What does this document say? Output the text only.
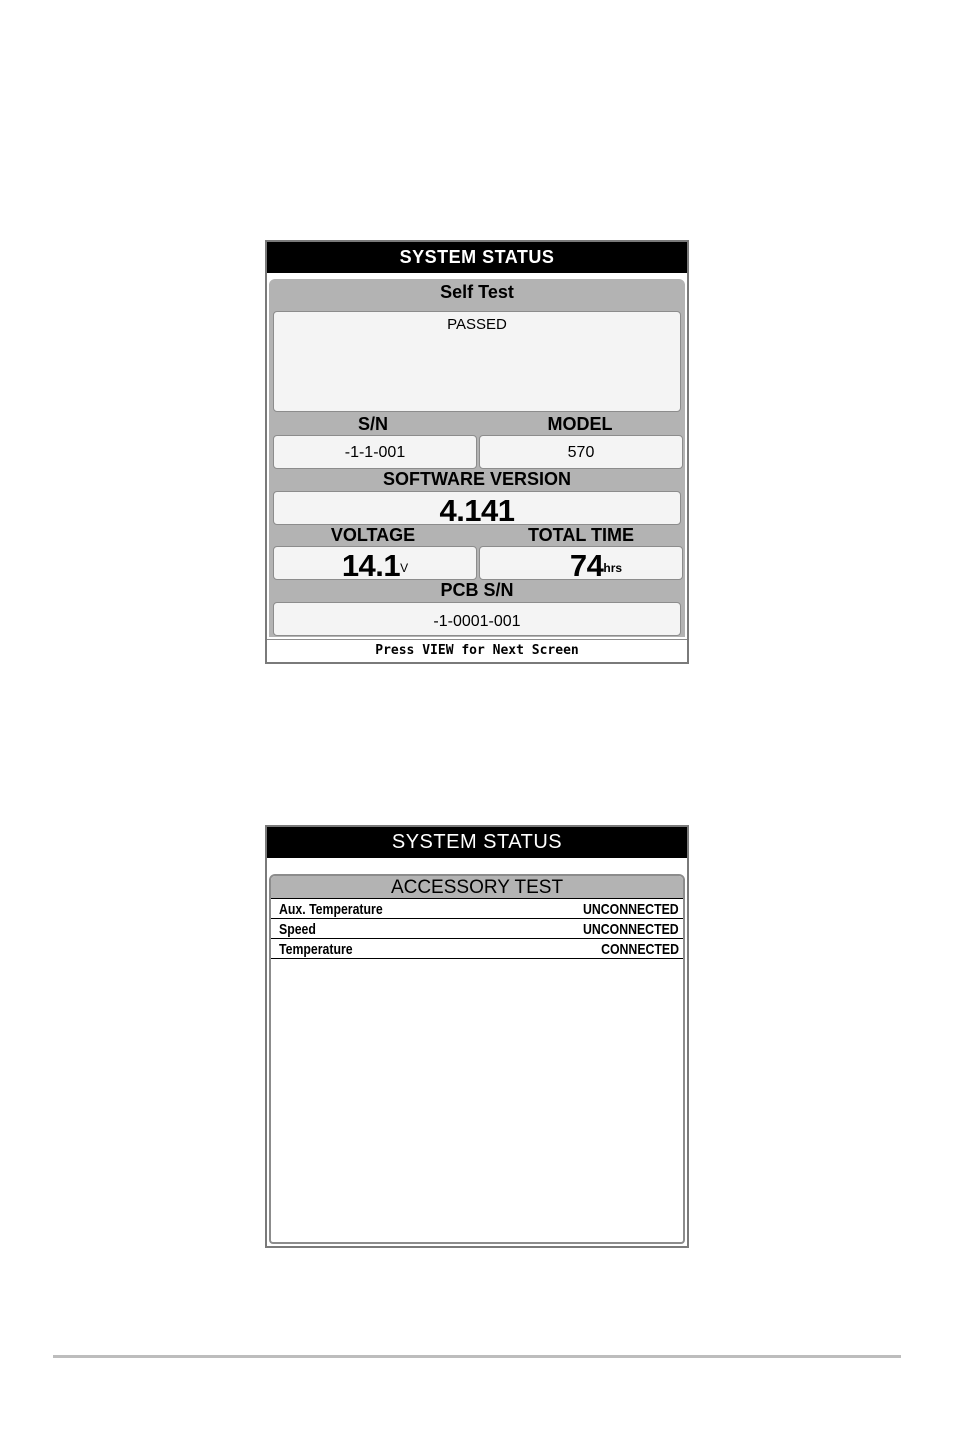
SYSTEM STATUS
Self Test
PASSED
S/N	MODEL
-1-1-001	570
SOFTWARE VERSION
4.141
VOLTAGE	TOTAL TIME
$14.1^V$	$74^{hrs}$
PCB S/N
-1-0001-001
Press VIEW for Next Screen
SYSTEM STATUS
ACCESSORY TEST
Aux. Temperature	UNCONNECTED
Speed	UNCONNECTED
Temperature	CONNECTED
